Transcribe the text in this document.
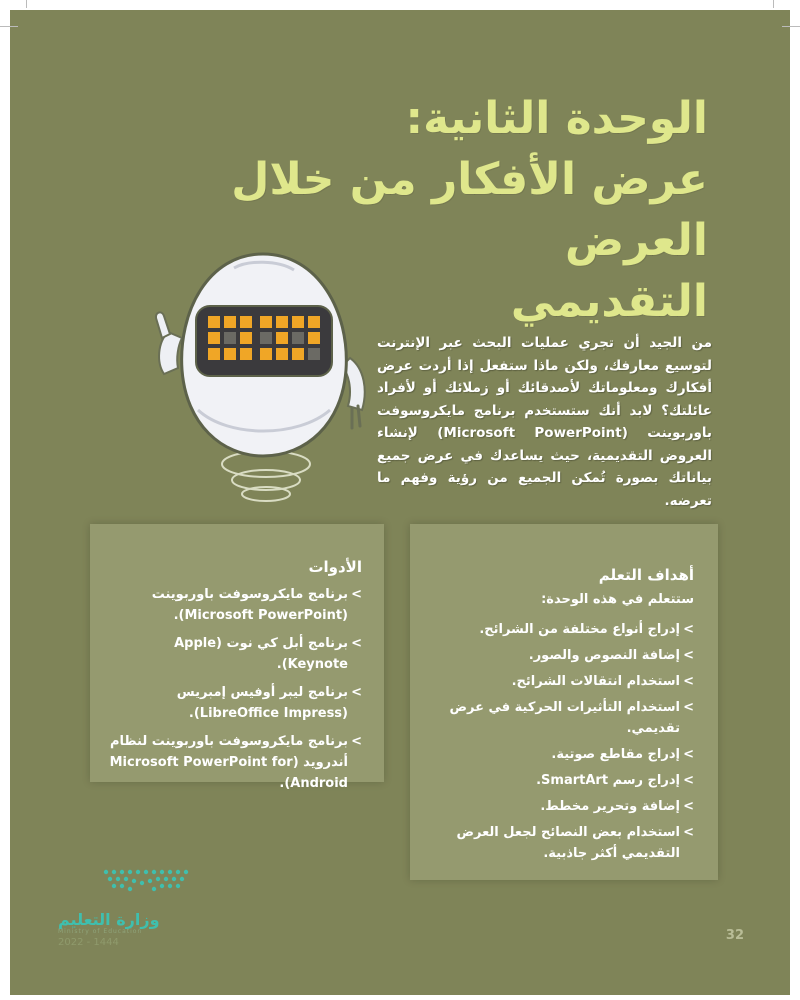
الوحدة الثانية:
عرض الأفكار من خلال العرض
التقديمي

من الجيد أن تجري عمليات البحث عبر الإنترنت لتوسيع معارفك، ولكن ماذا ستفعل إذا أردت عرض أفكارك ومعلوماتك لأصدقائك أو زملائك أو لأفراد عائلتك؟ لابد أنك ستستخدم برنامج مايكروسوفت باوربوينت (Microsoft PowerPoint) لإنشاء العروض التقديمية، حيث يساعدك في عرض جميع بياناتك بصورة تُمكن الجميع من رؤية وفهم ما تعرضه.

الأدوات
>
برنامج مايكروسوفت باوربوينت (Microsoft PowerPoint).
>
برنامج أبل كي نوت (Apple Keynote).
>
برنامج ليبر أوفيس إمبريس (LibreOffice Impress).
>
برنامج مايكروسوفت باوربوينت لنظام أندرويد (Microsoft PowerPoint for Android).
أهداف التعلم
ستتعلم في هذه الوحدة:
>
إدراج أنواع مختلفة من الشرائح.
>
إضافة النصوص والصور.
>
استخدام انتقالات الشرائح.
>
استخدام التأثيرات الحركية في عرض تقديمي.
>
إدراج مقاطع صوتية.
>
إدراج رسم SmartArt.
>
إضافة وتحرير مخطط.
>
استخدام بعض النصائح لجعل العرض التقديمي أكثر جاذبية.
وزارة التعليم
Ministry of Education
2022 - 1444	32
